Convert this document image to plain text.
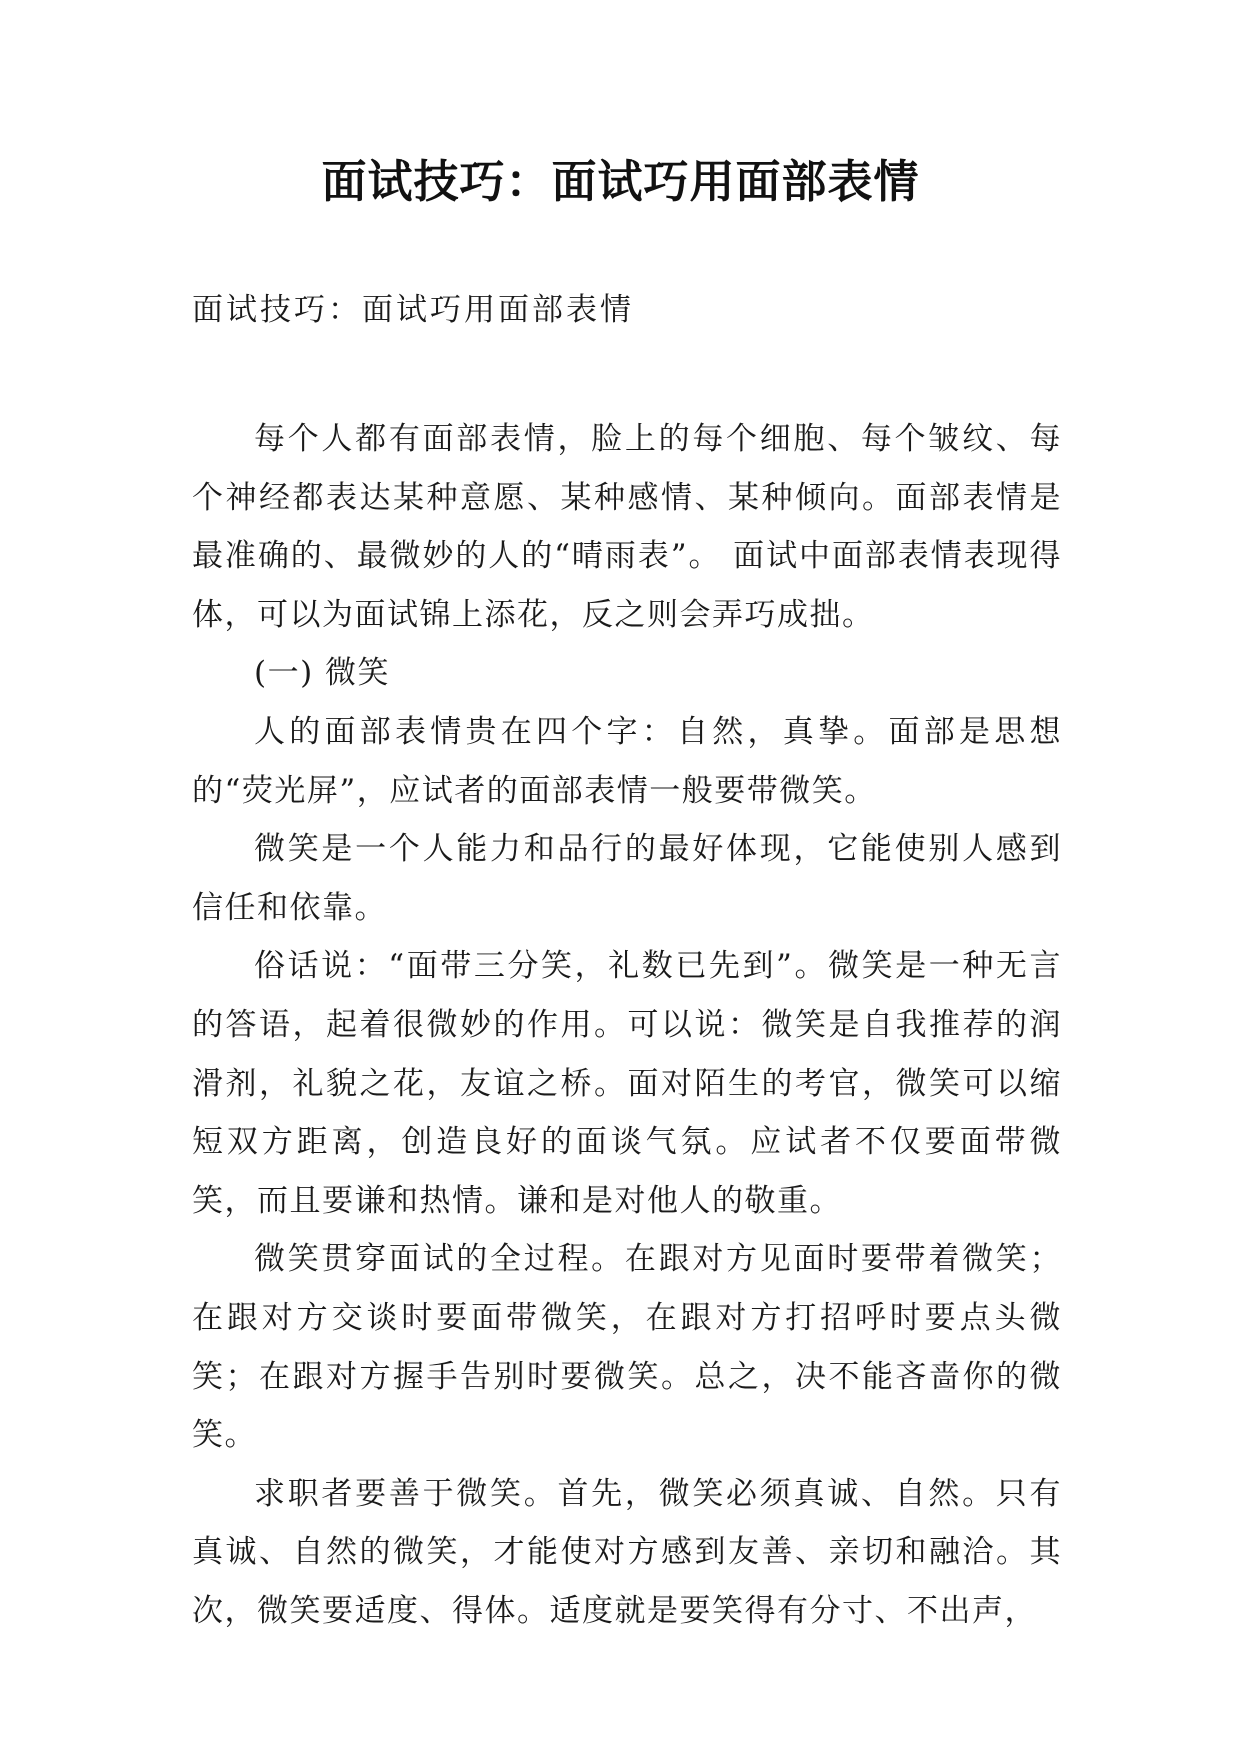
面试技巧：面试巧用面部表情
面试技巧：面试巧用面部表情

每个人都有面部表情，脸上的每个细胞、每个皱纹、每个神经都表达某种意愿、某种感情、某种倾向。面部表情是最准确的、最微妙的人的“晴雨表”。 面试中面部表情表现得体，可以为面试锦上添花，反之则会弄巧成拙。

(一) 微笑

人的面部表情贵在四个字：自然，真挚。面部是思想的“荧光屏”，应试者的面部表情一般要带微笑。

微笑是一个人能力和品行的最好体现，它能使别人感到信任和依靠。

俗话说：“面带三分笑，礼数已先到”。微笑是一种无言的答语，起着很微妙的作用。可以说：微笑是自我推荐的润滑剂，礼貌之花，友谊之桥。面对陌生的考官，微笑可以缩短双方距离，创造良好的面谈气氛。应试者不仅要面带微笑，而且要谦和热情。谦和是对他人的敬重。

微笑贯穿面试的全过程。在跟对方见面时要带着微笑；在跟对方交谈时要面带微笑，在跟对方打招呼时要点头微笑；在跟对方握手告别时要微笑。总之，决不能吝啬你的微笑。

求职者要善于微笑。首先，微笑必须真诚、自然。只有真诚、自然的微笑，才能使对方感到友善、亲切和融洽。其次，微笑要适度、得体。适度就是要笑得有分寸、不出声，
